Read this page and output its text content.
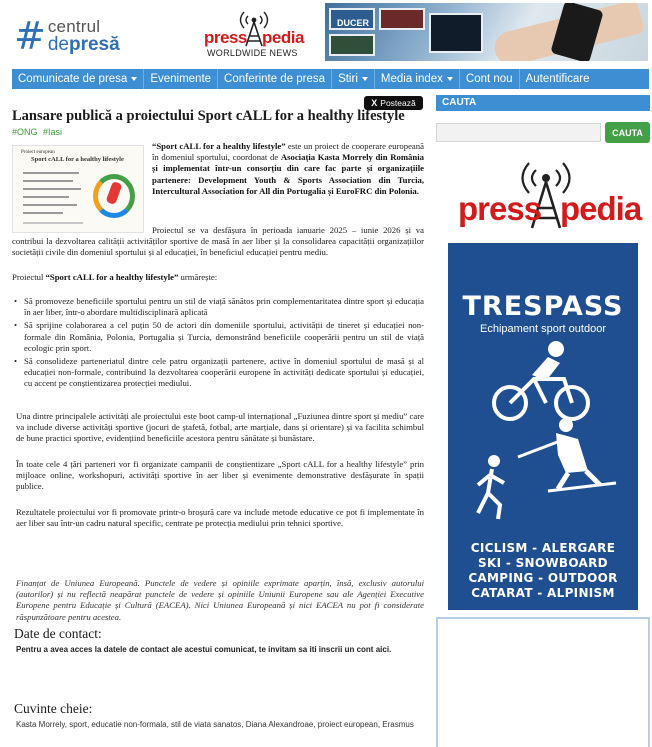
# centrul
depresă	press pedia
WORLDWIDE NEWS
DUCER
Comunicate de presa	Evenimente	Conferinte de presa	Stiri	Media index	Cont nou	Autentificare
X Postează
Lansare publică a proiectului Sport cALL for a healthy lifestyle
#ONG #Iasi
Proiect european
Sport cALL for a healthy lifestyle

“Sport cALL for a healthy lifestyle” este un proiect de cooperare europeană în domeniul sportului, coordonat de Asociația Kasta Morrely din România și implementat într-un consorțiu din care fac parte și organizațiile partenere: Development Youth & Sports Association din Turcia, Intercultural Association for All din Portugalia și EuroFRC din Polonia.

Proiectul se va desfășura în perioada ianuarie 2025 – iunie 2026 și va contribui la dezvoltarea calității activităților sportive de masă în aer liber și la consolidarea capacității organizațiilor societății civile din domeniul sportului și al educației, în beneficiul educației pentru mediu.

Proiectul “Sport cALL for a healthy lifestyle” urmărește:

• Să promoveze beneficiile sportului pentru un stil de viață sănătos prin complementaritatea dintre sport și educația în aer liber, într-o abordare multidisciplinară aplicată
• Să sprijine colaborarea a cel puțin 50 de actori din domeniile sportului, activității de tineret și educației non-formale din România, Polonia, Portugalia și Turcia, demonstrând beneficiile cooperării pentru un stil de viață ecologic prin sport.
• Să consolideze parteneriatul dintre cele patru organizații partenere, active în domeniul sportului de masă și al educației non-formale, contribuind la dezvoltarea cooperării europene în activități dedicate sportului și educației, cu accent pe conștientizarea protecției mediului.

Una dintre principalele activități ale proiectului este boot camp-ul internațional „Fuziunea dintre sport și mediu” care va include diverse activități sportive (jocuri de ștafetă, fotbal, arte marțiale, dans și orientare) și va facilita schimbul de bune practici sportive, evidențiind beneficiile acestora pentru sănătate și bunăstare.

În toate cele 4 țări parteneri vor fi organizate campanii de conștientizare „Sport cALL for a healthy lifestyle” prin mijloace online, workshopuri, activități sportive în aer liber și evenimente demonstrative desfășurate în spații publice.

Rezultatele proiectului vor fi promovate printr-o broșură care va include metode educative ce pot fi implementate în aer liber sau într-un cadru natural specific, centrate pe protecția mediului prin tehnici sportive.

Finanțat de Uniunea Europeană. Punctele de vedere și opiniile exprimate aparțin, însă, exclusiv autorului (autorilor) și nu reflectă neapărat punctele de vedere și opiniile Uniunii Europene sau ale Agenției Executive Europene pentru Educație și Cultură (EACEA). Nici Uniunea Europeană și nici EACEA nu pot fi considerate răspunzătoare pentru acestea.

Date de contact:
Pentru a avea acces la datele de contact ale acestui comunicat, te invitam sa iti inscrii un cont aici.
Cuvinte cheie:
Kasta Morrely, sport, educatie non-formala, stil de viata sanatos, Diana Alexandroae, proiect european, Erasmus
CAUTA
CAUTA
press pedia
TRESPASS
Echipament sport outdoor
CICLISM - ALERGARE
SKI - SNOWBOARD
CAMPING - OUTDOOR
CATARAT - ALPINISM
